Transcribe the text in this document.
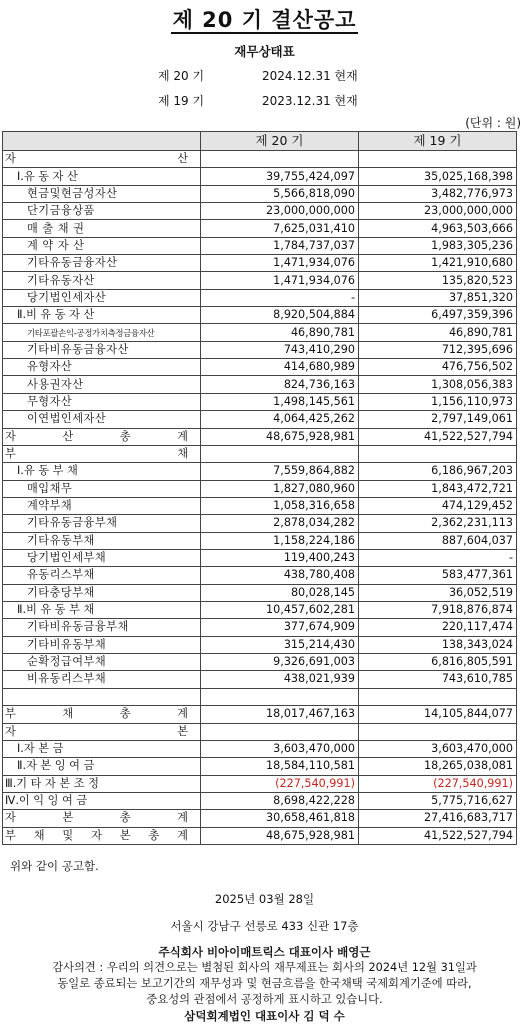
제 20 기 결산공고
재무상태표
제 20 기	2024.12.31 현재
제 19 기	2023.12.31 현재
(단위 : 원)
	제 20 기	제 19 기
자 산		
Ⅰ.유 동 자 산	39,755,424,097	35,025,168,398
현금및현금성자산	5,566,818,090	3,482,776,973
단기금융상품	23,000,000,000	23,000,000,000
매 출 채 권	7,625,031,410	4,963,503,666
계 약 자 산	1,784,737,037	1,983,305,236
기타유동금융자산	1,471,934,076	1,421,910,680
기타유동자산	1,471,934,076	135,820,523
당기법인세자산	-	37,851,320
Ⅱ.비 유 동 자 산	8,920,504,884	6,497,359,396
기타포괄손익-공정가치측정금융자산	46,890,781	46,890,781
기타비유동금융자산	743,410,290	712,395,696
유형자산	414,680,989	476,756,502
사용권자산	824,736,163	1,308,056,383
무형자산	1,498,145,561	1,156,110,973
이연법인세자산	4,064,425,262	2,797,149,061
자 산 총 계	48,675,928,981	41,522,527,794
부 채		
Ⅰ.유 동 부 채	7,559,864,882	6,186,967,203
매입채무	1,827,080,960	1,843,472,721
계약부채	1,058,316,658	474,129,452
기타유동금융부채	2,878,034,282	2,362,231,113
기타유동부채	1,158,224,186	887,604,037
당기법인세부채	119,400,243	-
유동리스부채	438,780,408	583,477,361
기타충당부채	80,028,145	36,052,519
Ⅱ.비 유 동 부 채	10,457,602,281	7,918,876,874
기타비유동금융부채	377,674,909	220,117,474
기타비유동부채	315,214,430	138,343,024
순확정급여부채	9,326,691,003	6,816,805,591
비유동리스부채	438,021,939	743,610,785

부 채 총 계	18,017,467,163	14,105,844,077
자 본		
Ⅰ.자 본 금	3,603,470,000	3,603,470,000
Ⅱ.자 본 잉 여 금	18,584,110,581	18,265,038,081
Ⅲ.기 타 자 본 조 정	(227,540,991)	(227,540,991)
Ⅳ.이 익 잉 여 금	8,698,422,228	5,775,716,627
자 본 총 계	30,658,461,818	27,416,683,717
부 채 및 자 본 총 계	48,675,928,981	41,522,527,794
위와 같이 공고함.
2025년 03월 28일
서울시 강남구 선릉로 433 신관 17층
주식회사 비아이매트릭스 대표이사 배영근
감사의견 : 우리의 의견으로는 별첨된 회사의 재무제표는 회사의 2024년 12월 31일과
동일로 종료되는 보고기간의 재무성과 및 현금흐름을 한국채택 국제회계기준에 따라,
중요성의 관점에서 공정하게 표시하고 있습니다.
삼덕회계법인 대표이사 김 덕 수
